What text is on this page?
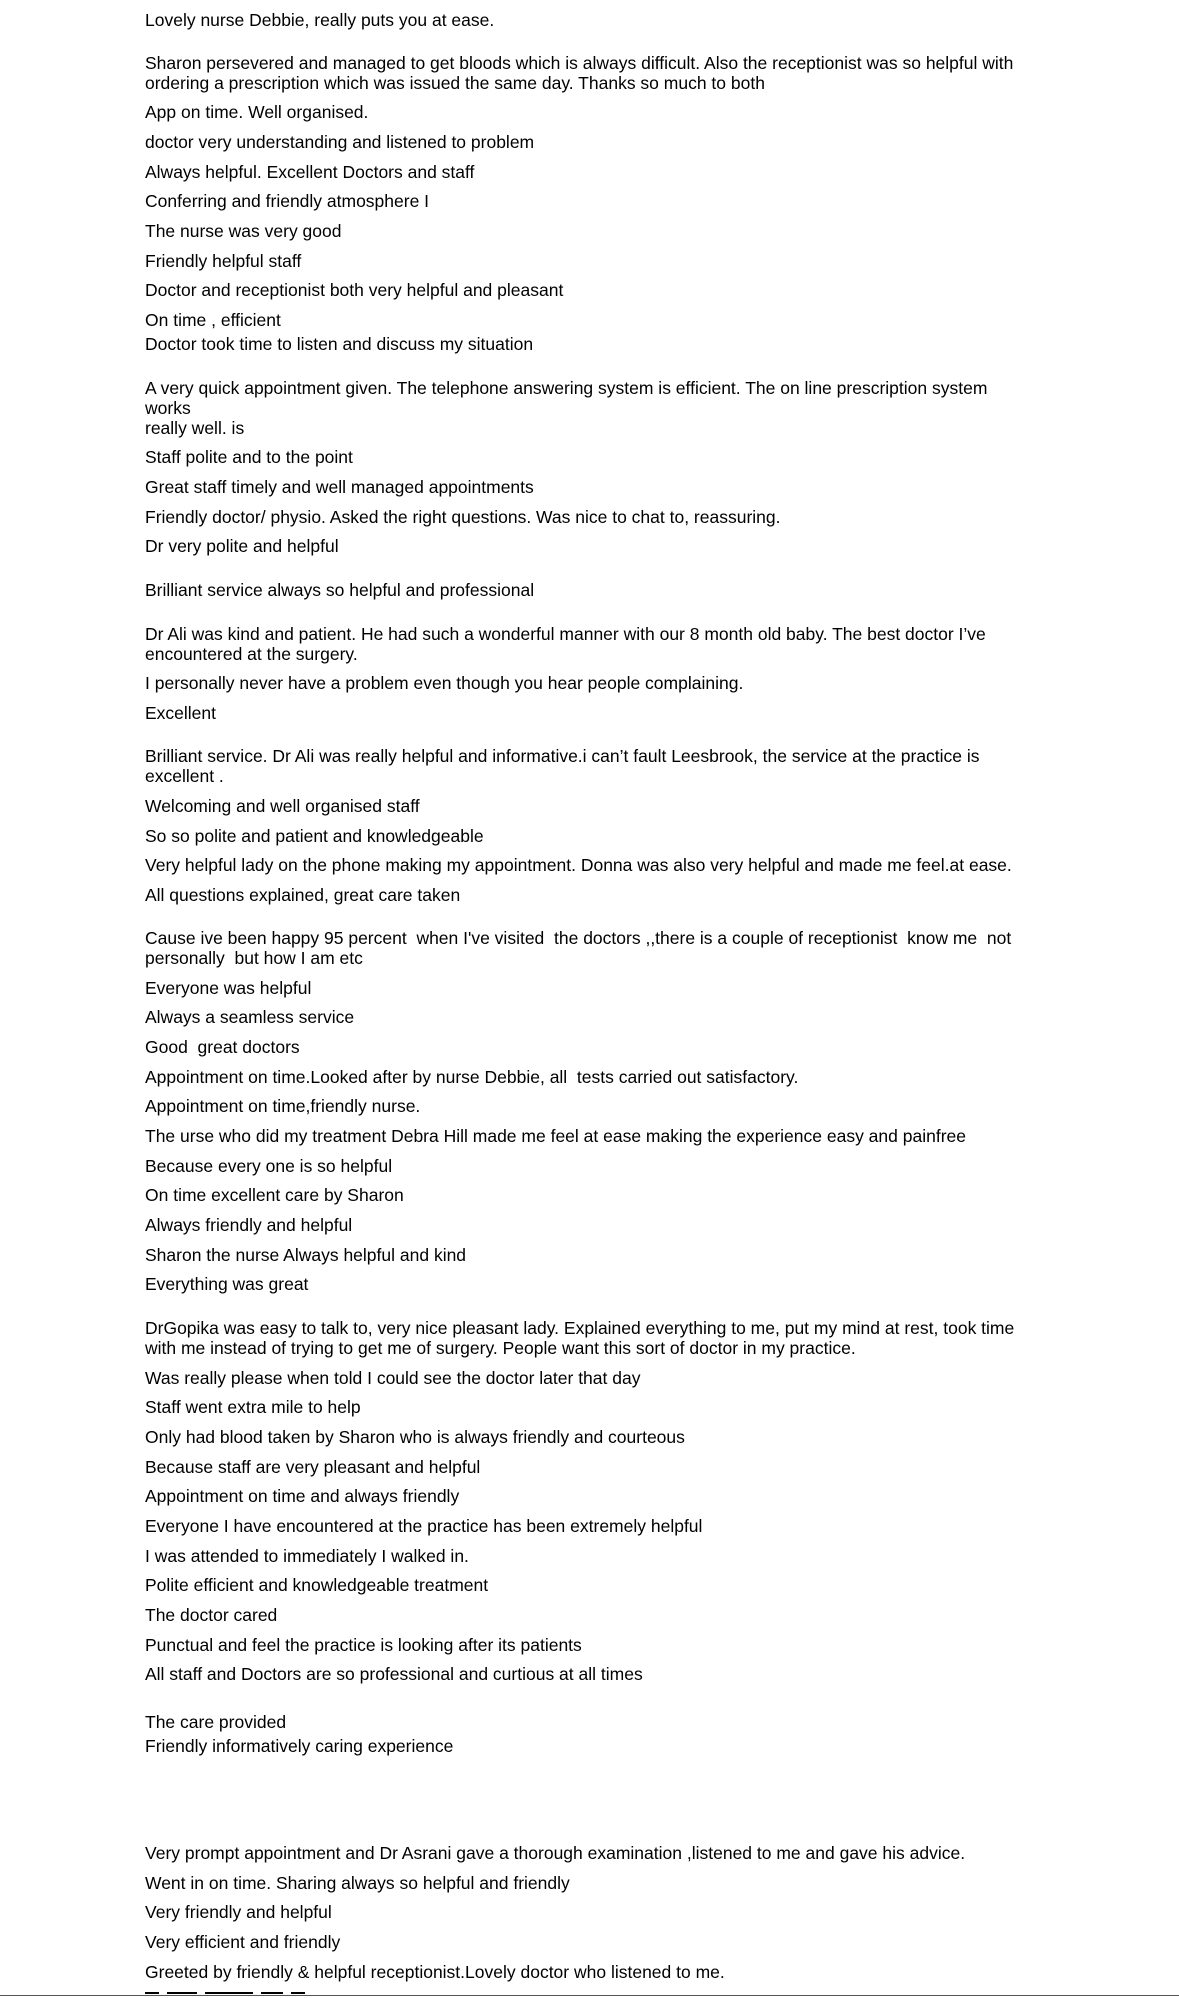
Lovely nurse Debbie, really puts you at ease.
Sharon persevered and managed to get bloods which is always difficult. Also the receptionist was so helpful with
ordering a prescription which was issued the same day. Thanks so much to both
App on time. Well organised.
doctor very understanding and listened to problem
Always helpful. Excellent Doctors and staff
Conferring and friendly atmosphere I
The nurse was very good
Friendly helpful staff
Doctor and receptionist both very helpful and pleasant
On time , efficient
Doctor took time to listen and discuss my situation
A very quick appointment given. The telephone answering system is efficient. The on line prescription system
works
really well. is
Staff polite and to the point
Great staff timely and well managed appointments
Friendly doctor/ physio. Asked the right questions. Was nice to chat to, reassuring.
Dr very polite and helpful
Brilliant service always so helpful and professional
Dr Ali was kind and patient. He had such a wonderful manner with our 8 month old baby. The best doctor I’ve
encountered at the surgery.
I personally never have a problem even though you hear people complaining.
Excellent
Brilliant service. Dr Ali was really helpful and informative.i can’t fault Leesbrook, the service at the practice is
excellent .
Welcoming and well organised staff
So so polite and patient and knowledgeable
Very helpful lady on the phone making my appointment. Donna was also very helpful and made me feel.at ease.
All questions explained, great care taken
Cause ive been happy 95 percent  when I've visited  the doctors ,,there is a couple of receptionist  know me  not
personally  but how I am etc
Everyone was helpful
Always a seamless service
Good  great doctors
Appointment on time.Looked after by nurse Debbie, all  tests carried out satisfactory.
Appointment on time,friendly nurse.
The urse who did my treatment Debra Hill made me feel at ease making the experience easy and painfree
Because every one is so helpful
On time excellent care by Sharon
Always friendly and helpful
Sharon the nurse Always helpful and kind
Everything was great
DrGopika was easy to talk to, very nice pleasant lady. Explained everything to me, put my mind at rest, took time
with me instead of trying to get me of surgery. People want this sort of doctor in my practice.
Was really please when told I could see the doctor later that day
Staff went extra mile to help
Only had blood taken by Sharon who is always friendly and courteous
Because staff are very pleasant and helpful
Appointment on time and always friendly
Everyone I have encountered at the practice has been extremely helpful
I was attended to immediately I walked in.
Polite efficient and knowledgeable treatment
The doctor cared
Punctual and feel the practice is looking after its patients
All staff and Doctors are so professional and curtious at all times
The care provided
Friendly informatively caring experience
Very prompt appointment and Dr Asrani gave a thorough examination ,listened to me and gave his advice.
Went in on time. Sharing always so helpful and friendly
Very friendly and helpful
Very efficient and friendly
Greeted by friendly & helpful receptionist.Lovely doctor who listened to me.
